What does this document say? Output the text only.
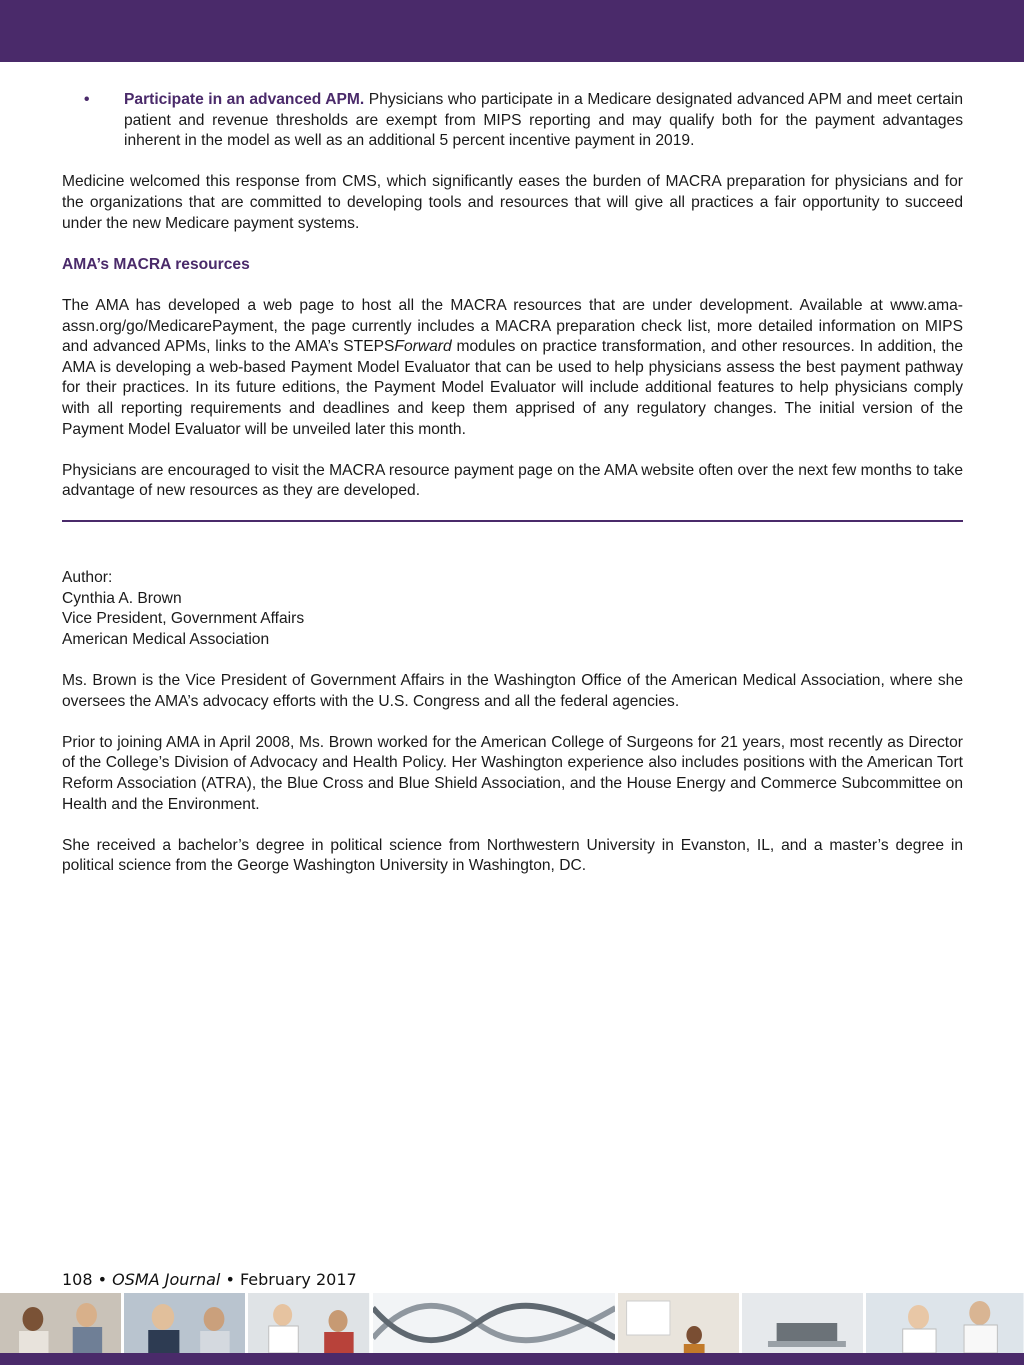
•	Participate in an advanced APM. Physicians who participate in a Medicare designated advanced APM and meet certain patient and revenue thresholds are exempt from MIPS reporting and may qualify both for the payment advantages inherent in the model as well as an additional 5 percent incentive payment in 2019.

Medicine welcomed this response from CMS, which significantly eases the burden of MACRA preparation for physicians and for the organizations that are committed to developing tools and resources that will give all practices a fair opportunity to succeed under the new Medicare payment systems.

AMA’s MACRA resources

The AMA has developed a web page to host all the MACRA resources that are under development. Available at www.ama-assn.org/go/MedicarePayment, the page currently includes a MACRA preparation check list, more detailed information on MIPS and advanced APMs, links to the AMA’s STEPSForward modules on practice transformation, and other resources. In addition, the AMA is developing a web-based Payment Model Evaluator that can be used to help physicians assess the best payment pathway for their practices. In its future editions, the Payment Model Evaluator will include additional features to help physicians comply with all reporting requirements and deadlines and keep them apprised of any regulatory changes. The initial version of the Payment Model Evaluator will be unveiled later this month.

Physicians are encouraged to visit the MACRA resource payment page on the AMA website often over the next few months to take advantage of new resources as they are developed.

Author:
Cynthia A. Brown
Vice President, Government Affairs
American Medical Association

Ms. Brown is the Vice President of Government Affairs in the Washington Office of the American Medical Association, where she oversees the AMA’s advocacy efforts with the U.S. Congress and all the federal agencies.

Prior to joining AMA in April 2008, Ms. Brown worked for the American College of Surgeons for 21 years, most recently as Director of the College’s Division of Advocacy and Health Policy. Her Washington experience also includes positions with the American Tort Reform Association (ATRA), the Blue Cross and Blue Shield Association, and the House Energy and Commerce Subcommittee on Health and the Environment.

She received a bachelor’s degree in political science from Northwestern University in Evanston, IL, and a master’s degree in political science from the George Washington University in Washington, DC.

108 • OSMA Journal • February 2017
